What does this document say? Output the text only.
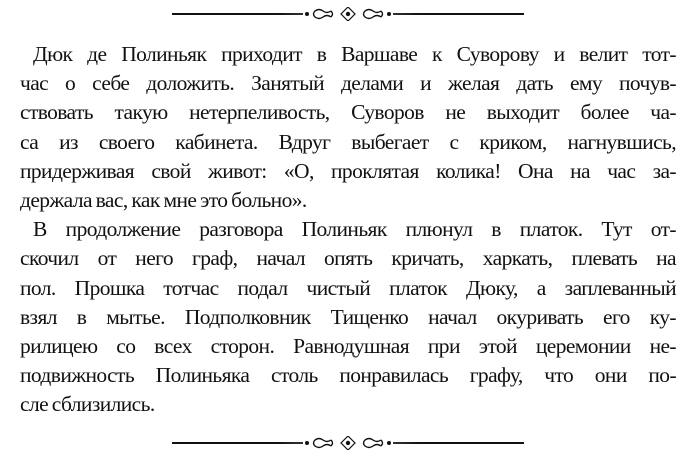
Дюк де Полиньяк приходит в Варшаве к Суворову и велит тот-
час о себе доложить. Занятый делами и желая дать ему почув-
ствовать такую нетерпеливость, Суворов не выходит более ча-
са из своего кабинета. Вдруг выбегает с криком, нагнувшись,
придерживая свой живот: «О, проклятая колика! Она на час за-
держала вас, как мне это больно».
В продолжение разговора Полиньяк плюнул в платок. Тут от-
скочил от него граф, начал опять кричать, харкать, плевать на
пол. Прошка тотчас подал чистый платок Дюку, а заплеванный
взял в мытье. Подполковник Тищенко начал окуривать его ку-
рилицею со всех сторон. Равнодушная при этой церемонии не-
подвижность Полиньяка столь понравилась графу, что они по-
сле сблизились.
